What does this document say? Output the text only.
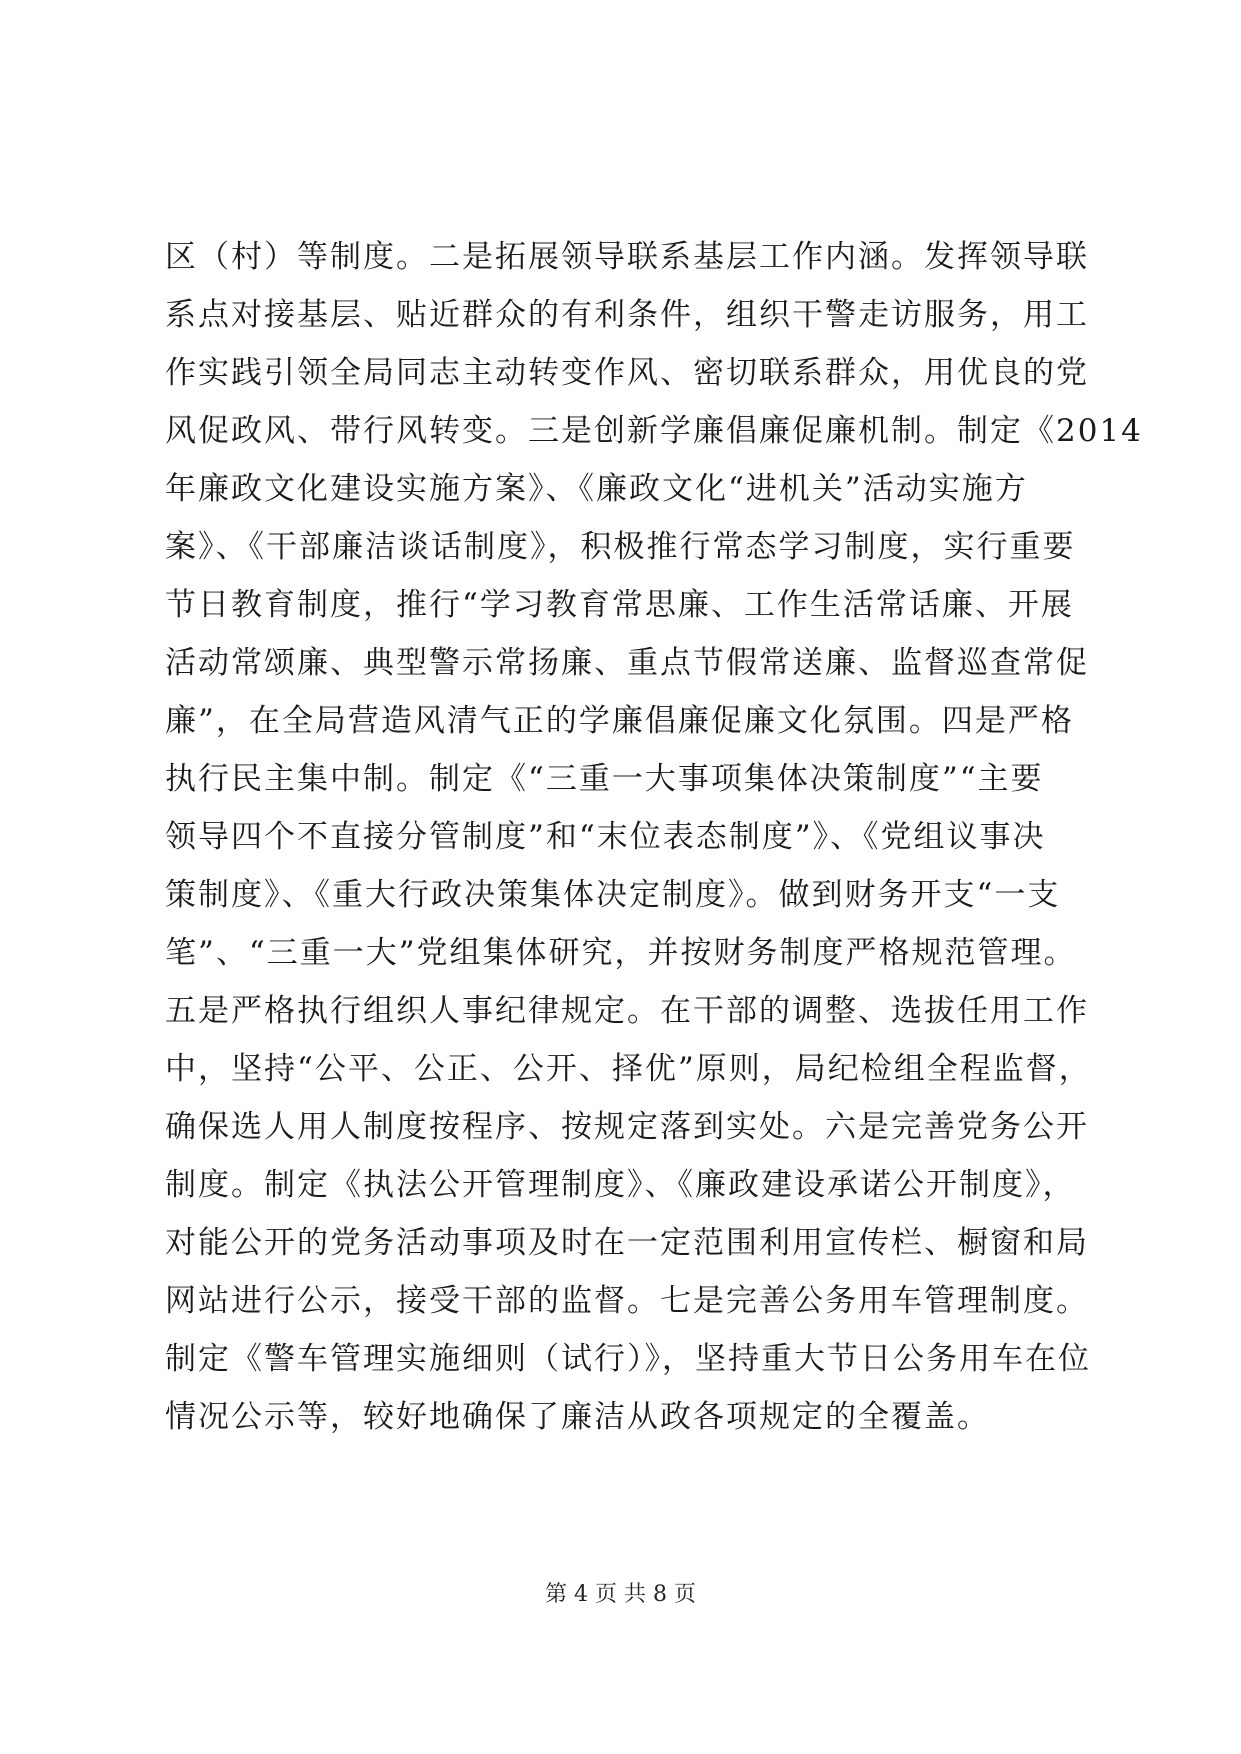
区（村）等制度。二是拓展领导联系基层工作内涵。发挥领导联
系点对接基层、贴近群众的有利条件，组织干警走访服务，用工
作实践引领全局同志主动转变作风、密切联系群众，用优良的党
风促政风、带行风转变。三是创新学廉倡廉促廉机制。制定《2014
年廉政文化建设实施方案》、《廉政文化“进机关”活动实施方
案》、《干部廉洁谈话制度》，积极推行常态学习制度，实行重要
节日教育制度，推行“学习教育常思廉、工作生活常话廉、开展
活动常颂廉、典型警示常扬廉、重点节假常送廉、监督巡查常促
廉”，在全局营造风清气正的学廉倡廉促廉文化氛围。四是严格
执行民主集中制。制定《“三重一大事项集体决策制度”“主要
领导四个不直接分管制度”和“末位表态制度”》、《党组议事决
策制度》、《重大行政决策集体决定制度》。做到财务开支“一支
笔”、“三重一大”党组集体研究，并按财务制度严格规范管理。
五是严格执行组织人事纪律规定。在干部的调整、选拔任用工作
中，坚持“公平、公正、公开、择优”原则，局纪检组全程监督，
确保选人用人制度按程序、按规定落到实处。六是完善党务公开
制度。制定《执法公开管理制度》、《廉政建设承诺公开制度》，
对能公开的党务活动事项及时在一定范围利用宣传栏、橱窗和局
网站进行公示，接受干部的监督。七是完善公务用车管理制度。
制定《警车管理实施细则（试行）》，坚持重大节日公务用车在位
情况公示等，较好地确保了廉洁从政各项规定的全覆盖。
第 4 页 共 8 页
